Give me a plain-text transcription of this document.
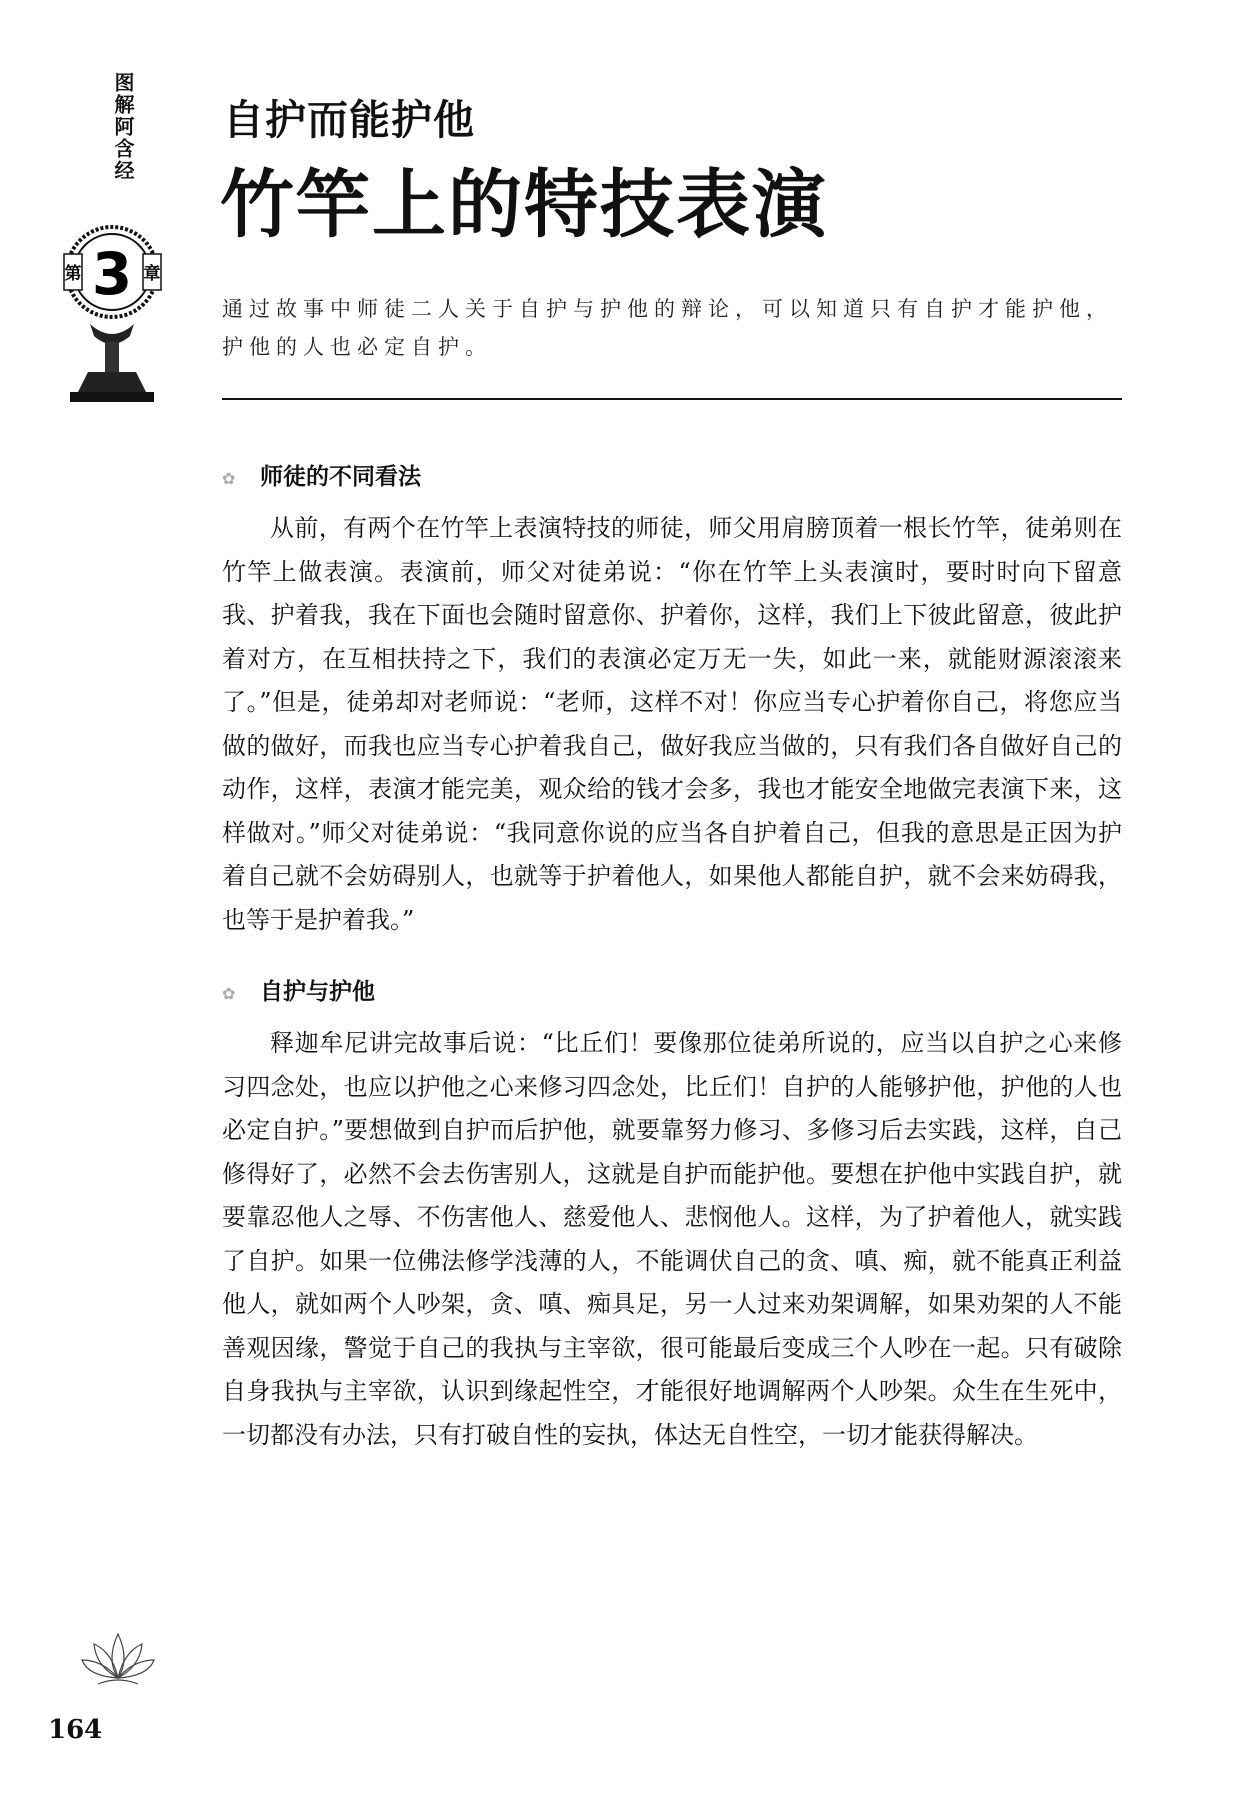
图解阿含经
第 3 章
自护而能护他
竹竿上的特技表演
通过故事中师徒二人关于自护与护他的辩论，可以知道只有自护才能护他，护他的人也必定自护。
✿ 师徒的不同看法
从前，有两个在竹竿上表演特技的师徒，师父用肩膀顶着一根长竹竿，徒弟则在竹竿上做表演。表演前，师父对徒弟说：“你在竹竿上头表演时，要时时向下留意我、护着我，我在下面也会随时留意你、护着你，这样，我们上下彼此留意，彼此护着对方，在互相扶持之下，我们的表演必定万无一失，如此一来，就能财源滚滚来了。”但是，徒弟却对老师说：“老师，这样不对！你应当专心护着你自己，将您应当做的做好，而我也应当专心护着我自己，做好我应当做的，只有我们各自做好自己的动作，这样，表演才能完美，观众给的钱才会多，我也才能安全地做完表演下来，这样做对。”师父对徒弟说：“我同意你说的应当各自护着自己，但我的意思是正因为护着自己就不会妨碍别人，也就等于护着他人，如果他人都能自护，就不会来妨碍我，也等于是护着我。”
✿ 自护与护他
释迦牟尼讲完故事后说：“比丘们！要像那位徒弟所说的，应当以自护之心来修习四念处，也应以护他之心来修习四念处，比丘们！自护的人能够护他，护他的人也必定自护。”要想做到自护而后护他，就要靠努力修习、多修习后去实践，这样，自己修得好了，必然不会去伤害别人，这就是自护而能护他。要想在护他中实践自护，就要靠忍他人之辱、不伤害他人、慈爱他人、悲悯他人。这样，为了护着他人，就实践了自护。如果一位佛法修学浅薄的人，不能调伏自己的贪、嗔、痴，就不能真正利益他人，就如两个人吵架，贪、嗔、痴具足，另一人过来劝架调解，如果劝架的人不能善观因缘，警觉于自己的我执与主宰欲，很可能最后变成三个人吵在一起。只有破除自身我执与主宰欲，认识到缘起性空，才能很好地调解两个人吵架。众生在生死中，一切都没有办法，只有打破自性的妄执，体达无自性空，一切才能获得解决。
164
